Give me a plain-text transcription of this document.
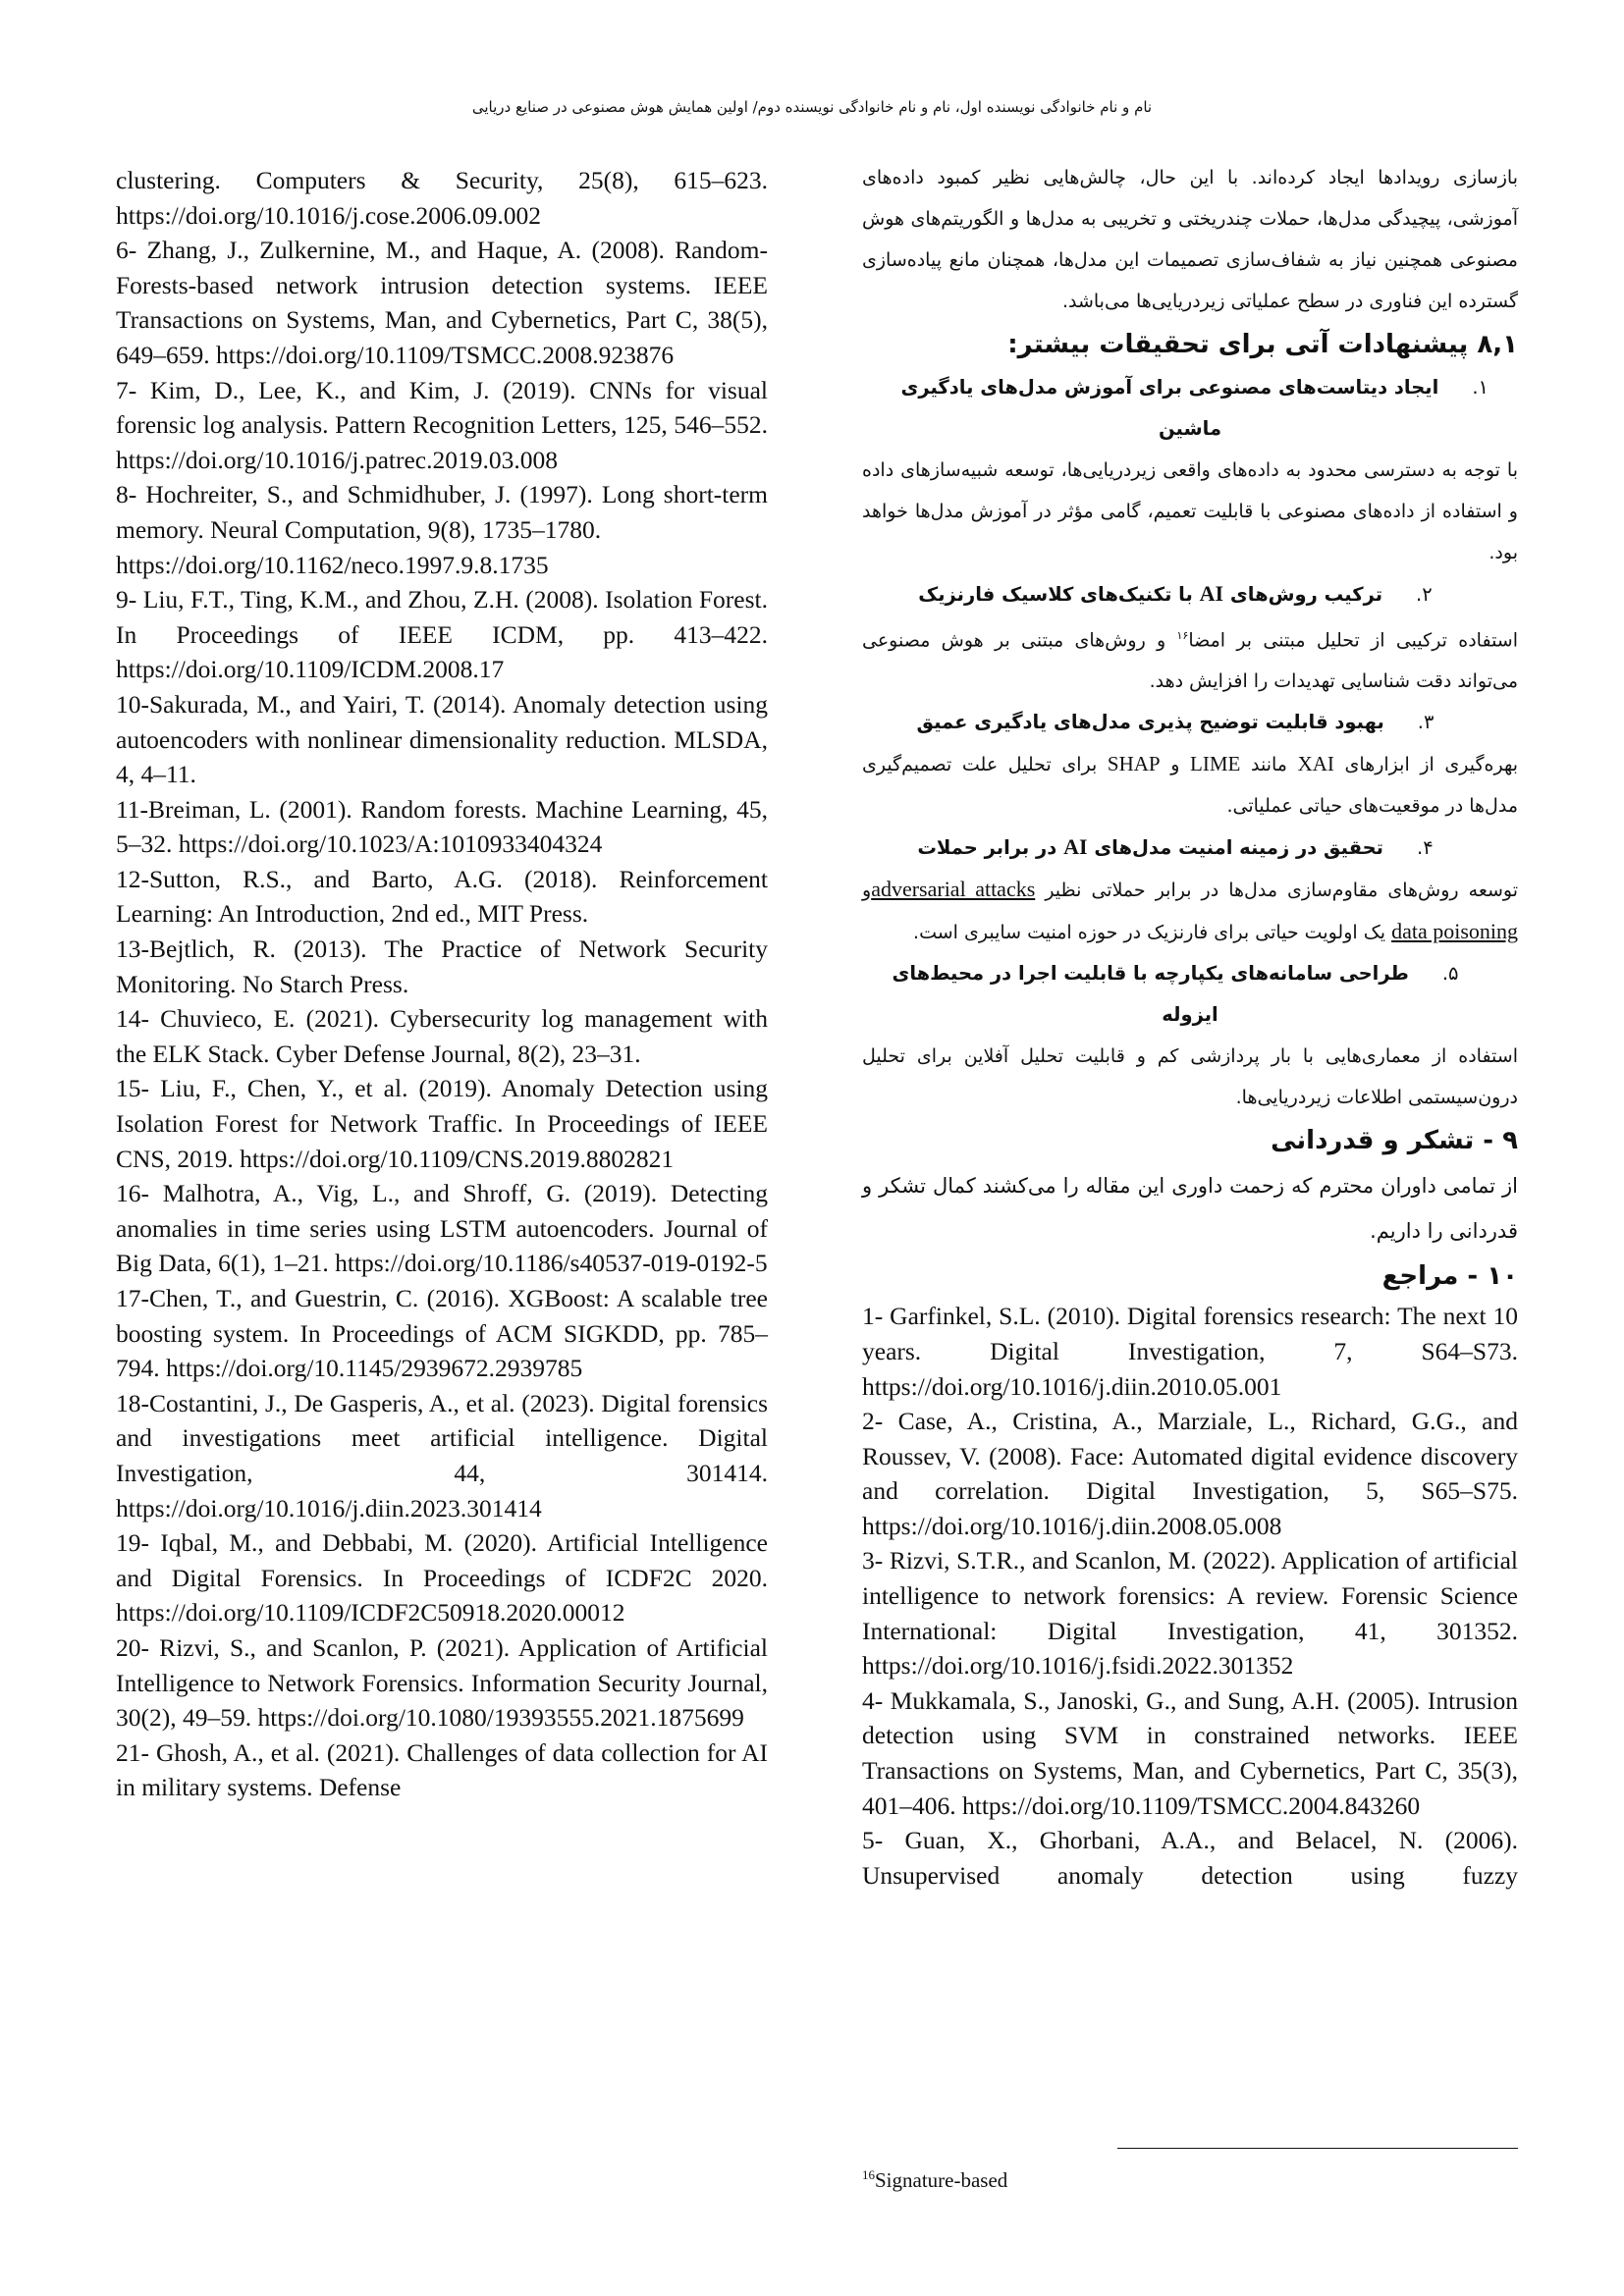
نام و نام خانوادگی نویسنده اول، نام و نام خانوادگی نویسنده دوم/ اولین همایش هوش مصنوعی در صنایع دریایی

clustering. Computers & Security, 25(8), 615–623. https://doi.org/10.1016/j.cose.2006.09.002

6- Zhang, J., Zulkernine, M., and Haque, A. (2008). Random-Forests-based network intrusion detection systems. IEEE Transactions on Systems, Man, and Cybernetics, Part C, 38(5), 649–659. https://doi.org/10.1109/TSMCC.2008.923876

7- Kim, D., Lee, K., and Kim, J. (2019). CNNs for visual forensic log analysis. Pattern Recognition Letters, 125, 546–552. https://doi.org/10.1016/j.patrec.2019.03.008

8- Hochreiter, S., and Schmidhuber, J. (1997). Long short-term memory. Neural Computation, 9(8), 1735–1780.

https://doi.org/10.1162/neco.1997.9.8.1735

9- Liu, F.T., Ting, K.M., and Zhou, Z.H. (2008). Isolation Forest. In Proceedings of IEEE ICDM, pp. 413–422. https://doi.org/10.1109/ICDM.2008.17

10-Sakurada, M., and Yairi, T. (2014). Anomaly detection using autoencoders with nonlinear dimensionality reduction. MLSDA, 4, 4–11.

11-Breiman, L. (2001). Random forests. Machine Learning, 45, 5–32. https://doi.org/10.1023/A:1010933404324

12-Sutton, R.S., and Barto, A.G. (2018). Reinforcement Learning: An Introduction, 2nd ed., MIT Press.

13-Bejtlich, R. (2013). The Practice of Network Security Monitoring. No Starch Press.

14- Chuvieco, E. (2021). Cybersecurity log management with the ELK Stack. Cyber Defense Journal, 8(2), 23–31.

15- Liu, F., Chen, Y., et al. (2019). Anomaly Detection using Isolation Forest for Network Traffic. In Proceedings of IEEE CNS, 2019. https://doi.org/10.1109/CNS.2019.8802821

16- Malhotra, A., Vig, L., and Shroff, G. (2019). Detecting anomalies in time series using LSTM autoencoders. Journal of Big Data, 6(1), 1–21. https://doi.org/10.1186/s40537-019-0192-5

17-Chen, T., and Guestrin, C. (2016). XGBoost: A scalable tree boosting system. In Proceedings of ACM SIGKDD, pp. 785–794. https://doi.org/10.1145/2939672.2939785

18-Costantini, J., De Gasperis, A., et al. (2023). Digital forensics and investigations meet artificial intelligence. Digital Investigation, 44, 301414. https://doi.org/10.1016/j.diin.2023.301414

19- Iqbal, M., and Debbabi, M. (2020). Artificial Intelligence and Digital Forensics. In Proceedings of ICDF2C 2020. https://doi.org/10.1109/ICDF2C50918.2020.00012

20- Rizvi, S., and Scanlon, P. (2021). Application of Artificial Intelligence to Network Forensics. Information Security Journal, 30(2), 49–59. https://doi.org/10.1080/19393555.2021.1875699

21- Ghosh, A., et al. (2021). Challenges of data collection for AI in military systems. Defense

بازسازی رویدادها ایجاد کرده‌اند. با این حال، چالش‌هایی نظیر کمبود داده‌های آموزشی، پیچیدگی مدل‌ها، حملات چندریختی و تخریبی به مدل‌ها و الگوریتم‌های هوش مصنوعی همچنین نیاز به شفاف‌سازی تصمیمات این مدل‌ها، همچنان مانع پیاده‌سازی گسترده این فناوری در سطح عملیاتی زیردریایی‌ها می‌باشد.

۸,۱ پیشنهادات آتی برای تحقیقات بیشتر:

۱.ایجاد دیتاست‌های مصنوعی برای آموزش مدل‌های یادگیری

ماشین

با توجه به دسترسی محدود به داده‌های واقعی زیردریایی‌ها، توسعه شبیه‌سازهای داده و استفاده از داده‌های مصنوعی با قابلیت تعمیم، گامی مؤثر در آموزش مدل‌ها خواهد بود.

۲.ترکیب روش‌های AI با تکنیک‌های کلاسیک فارنزیک

استفاده ترکیبی از تحلیل مبتنی بر امضا$^{۱۶}$ و روش‌های مبتنی بر هوش مصنوعی می‌تواند دقت شناسایی تهدیدات را افزایش دهد.

۳.بهبود قابلیت توضیح پذیری مدل‌های یادگیری عمیق

بهره‌گیری از ابزارهای XAI مانند LIME و SHAP برای تحلیل علت تصمیم‌گیری مدل‌ها در موقعیت‌های حیاتی عملیاتی.

۴.تحقیق در زمینه امنیت مدل‌های AI در برابر حملات

توسعه روش‌های مقاوم‌سازی مدل‌ها در برابر حملاتی نظیر adversarial attacksو data poisoning یک اولویت حیاتی برای فارنزیک در حوزه امنیت سایبری است.

۵.طراحی سامانه‌های یکپارچه با قابلیت اجرا در محیط‌های

ایزوله

استفاده از معماری‌هایی با بار پردازشی کم و قابلیت تحلیل آفلاین برای تحلیل درون‌سیستمی اطلاعات زیردریایی‌ها.

۹ - تشکر و قدردانی

از تمامی داوران محترم که زحمت داوری این مقاله را می‌کشند کمال تشکر و قدردانی را داریم.

۱۰ - مراجع

1- Garfinkel, S.L. (2010). Digital forensics research: The next 10 years. Digital Investigation, 7, S64–S73. https://doi.org/10.1016/j.diin.2010.05.001

2- Case, A., Cristina, A., Marziale, L., Richard, G.G., and Roussev, V. (2008). Face: Automated digital evidence discovery and correlation. Digital Investigation, 5, S65–S75. https://doi.org/10.1016/j.diin.2008.05.008

3- Rizvi, S.T.R., and Scanlon, M. (2022). Application of artificial intelligence to network forensics: A review. Forensic Science International: Digital Investigation, 41, 301352. https://doi.org/10.1016/j.fsidi.2022.301352

4- Mukkamala, S., Janoski, G., and Sung, A.H. (2005). Intrusion detection using SVM in constrained networks. IEEE Transactions on Systems, Man, and Cybernetics, Part C, 35(3), 401–406. https://doi.org/10.1109/TSMCC.2004.843260

5- Guan, X., Ghorbani, A.A., and Belacel, N. (2006). Unsupervised anomaly detection using fuzzy

$^{16}$Signature-based
